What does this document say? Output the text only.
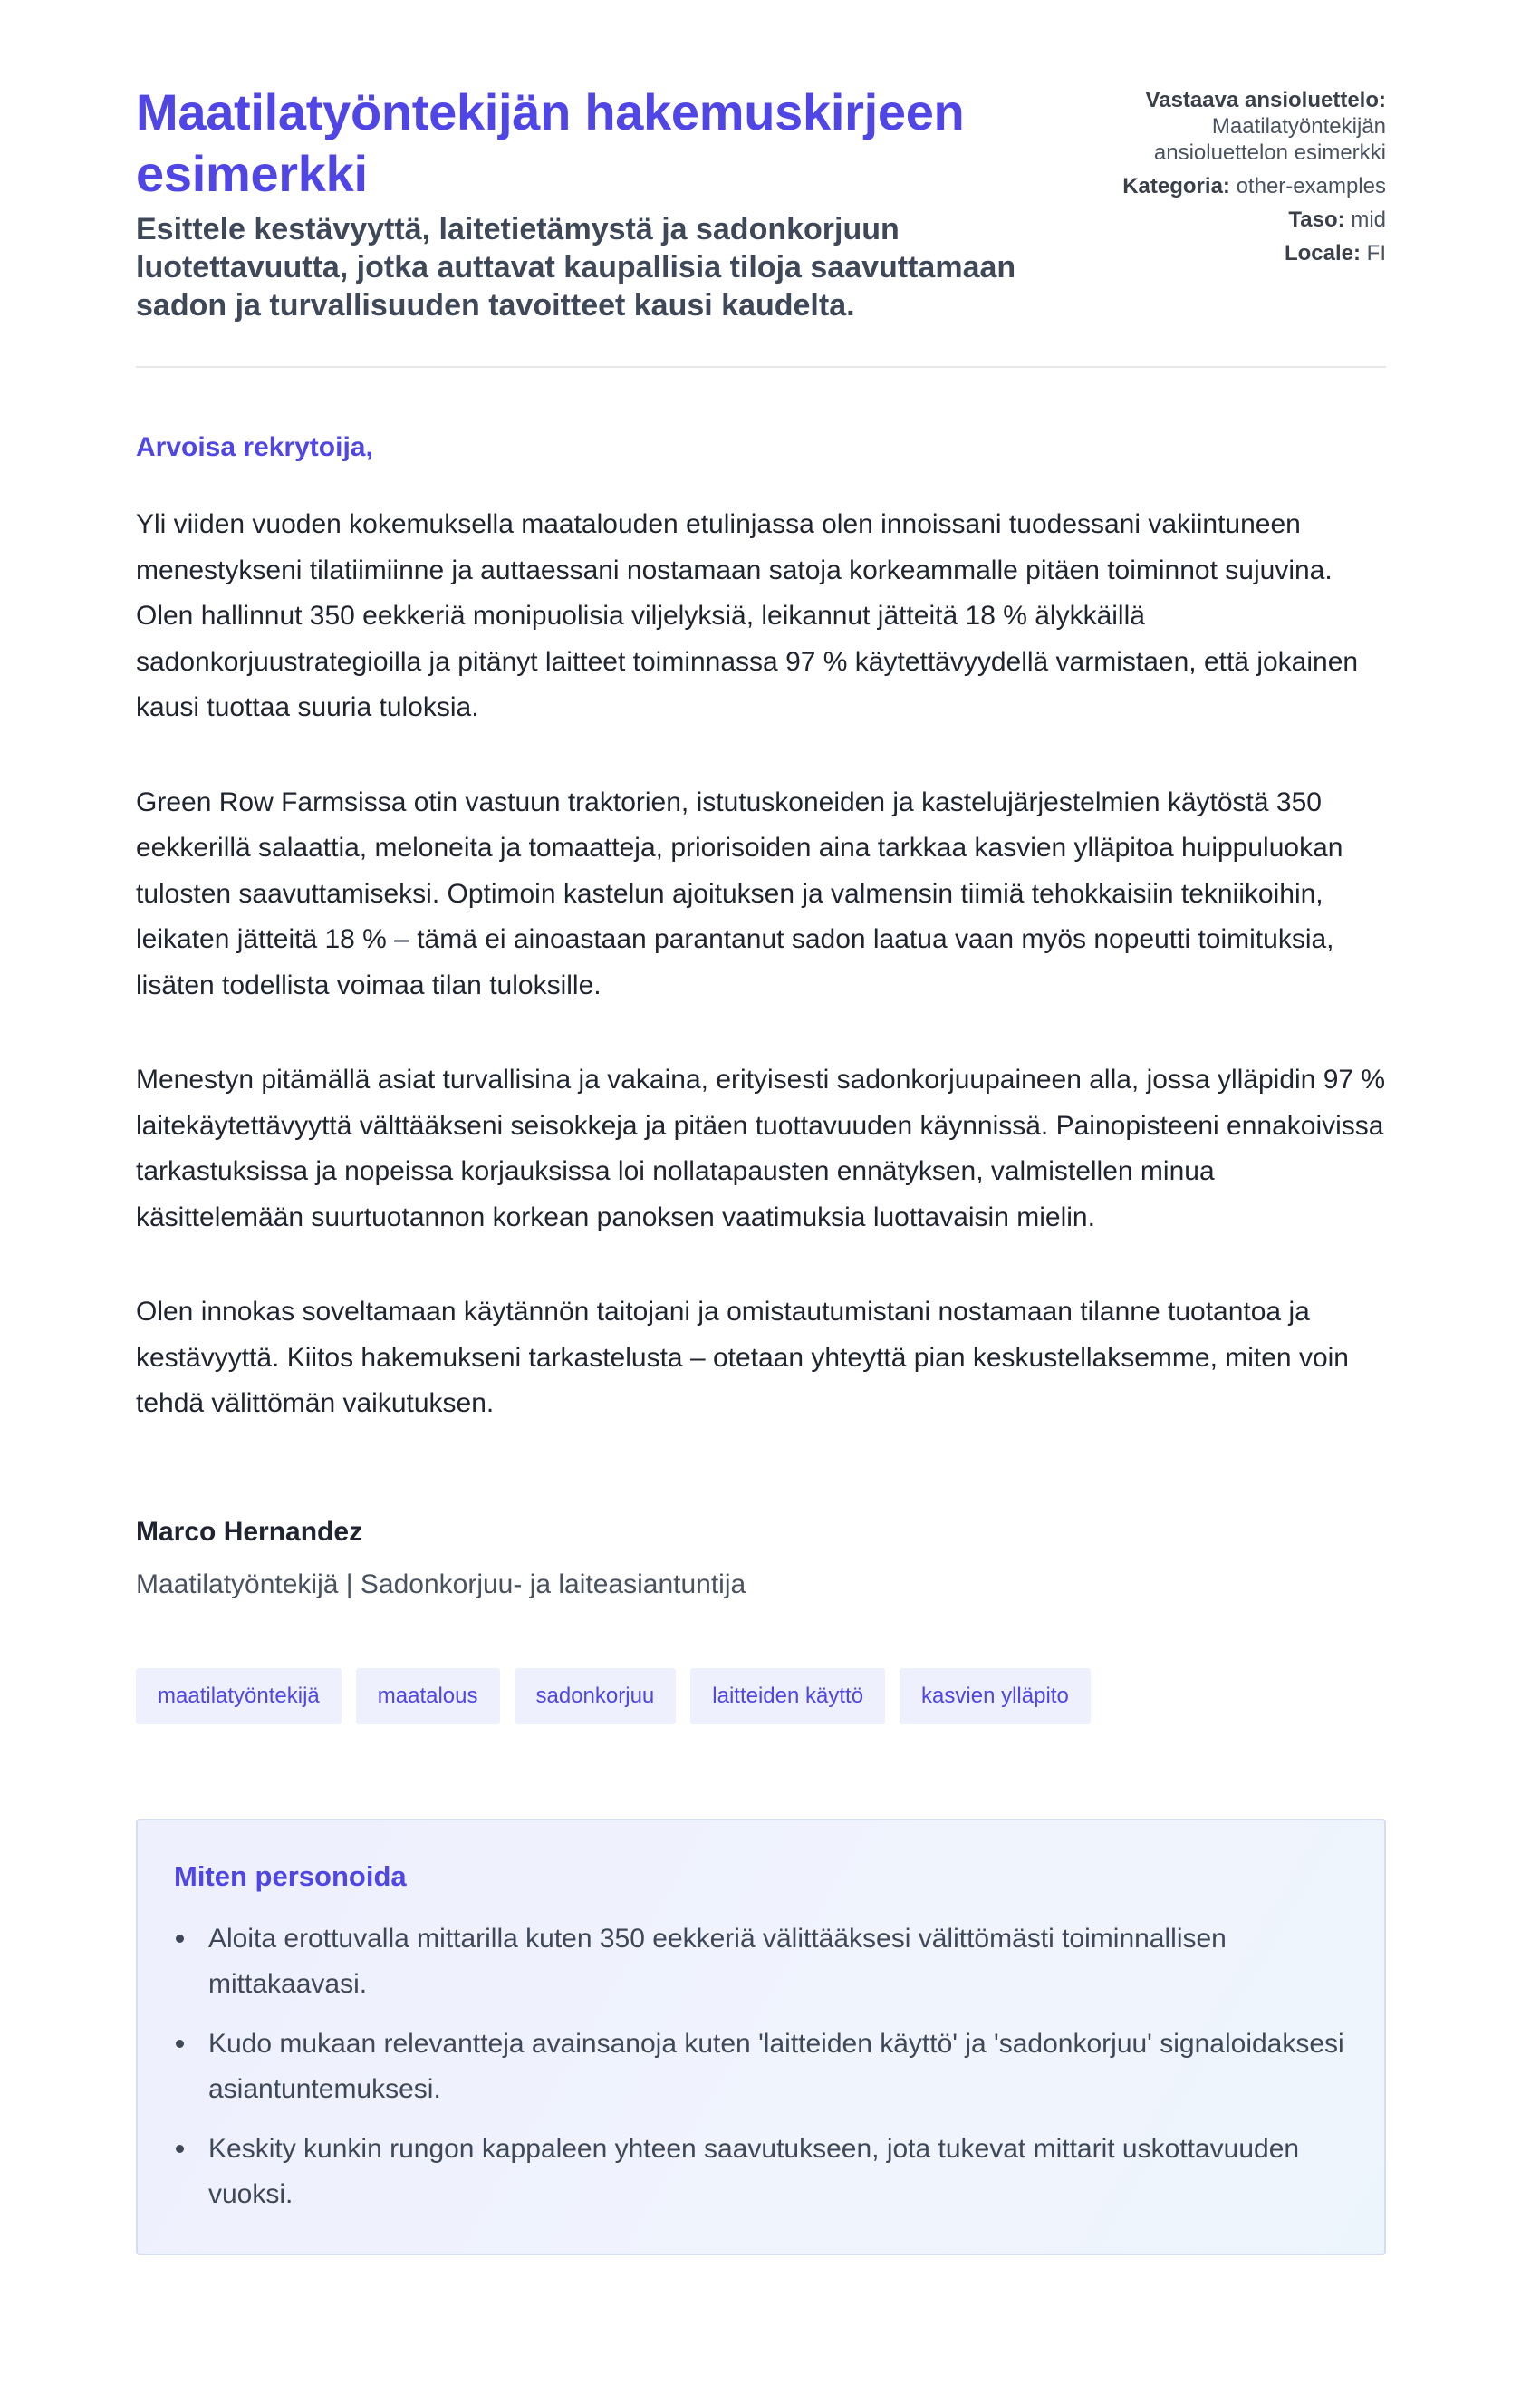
Maatilatyöntekijän hakemuskirjeen esimerkki
Esittele kestävyyttä, laitetietämystä ja sadonkorjuun luotettavuutta, jotka auttavat kaupallisia tiloja saavuttamaan sadon ja turvallisuuden tavoitteet kausi kaudelta.
Vastaava ansioluettelo: Maatilatyöntekijän ansioluettelon esimerkki
Kategoria: other-examples
Taso: mid
Locale: FI
Arvoisa rekrytoija,

Yli viiden vuoden kokemuksella maatalouden etulinjassa olen innoissani tuodessani vakiintuneen menestykseni tilatiimiinne ja auttaessani nostamaan satoja korkeammalle pitäen toiminnot sujuvina. Olen hallinnut 350 eekkeriä monipuolisia viljelyksiä, leikannut jätteitä 18 % älykkäillä sadonkorjuustrategioilla ja pitänyt laitteet toiminnassa 97 % käytettävyydellä varmistaen, että jokainen kausi tuottaa suuria tuloksia.

Green Row Farmsissa otin vastuun traktorien, istutuskoneiden ja kastelujärjestelmien käytöstä 350 eekkerillä salaattia, meloneita ja tomaatteja, priorisoiden aina tarkkaa kasvien ylläpitoa huippuluokan tulosten saavuttamiseksi. Optimoin kastelun ajoituksen ja valmensin tiimiä tehokkaisiin tekniikoihin, leikaten jätteitä 18 % – tämä ei ainoastaan parantanut sadon laatua vaan myös nopeutti toimituksia, lisäten todellista voimaa tilan tuloksille.

Menestyn pitämällä asiat turvallisina ja vakaina, erityisesti sadonkorjuupaineen alla, jossa ylläpidin 97 % laitekäytettävyyttä välttääkseni seisokkeja ja pitäen tuottavuuden käynnissä. Painopisteeni ennakoivissa tarkastuksissa ja nopeissa korjauksissa loi nollatapausten ennätyksen, valmistellen minua käsittelemään suurtuotannon korkean panoksen vaatimuksia luottavaisin mielin.

Olen innokas soveltamaan käytännön taitojani ja omistautumistani nostamaan tilanne tuotantoa ja kestävyyttä. Kiitos hakemukseni tarkastelusta – otetaan yhteyttä pian keskustellaksemme, miten voin tehdä välittömän vaikutuksen.

Marco Hernandez
Maatilatyöntekijä | Sadonkorjuu- ja laiteasiantuntija
maatilatyöntekijä	maatalous	sadonkorjuu	laitteiden käyttö	kasvien ylläpito
Miten personoida
Aloita erottuvalla mittarilla kuten 350 eekkeriä välittääksesi välittömästi toiminnallisen mittakaavasi.
Kudo mukaan relevantteja avainsanoja kuten 'laitteiden käyttö' ja 'sadonkorjuu' signaloidaksesi asiantuntemuksesi.
Keskity kunkin rungon kappaleen yhteen saavutukseen, jota tukevat mittarit uskottavuuden vuoksi.
